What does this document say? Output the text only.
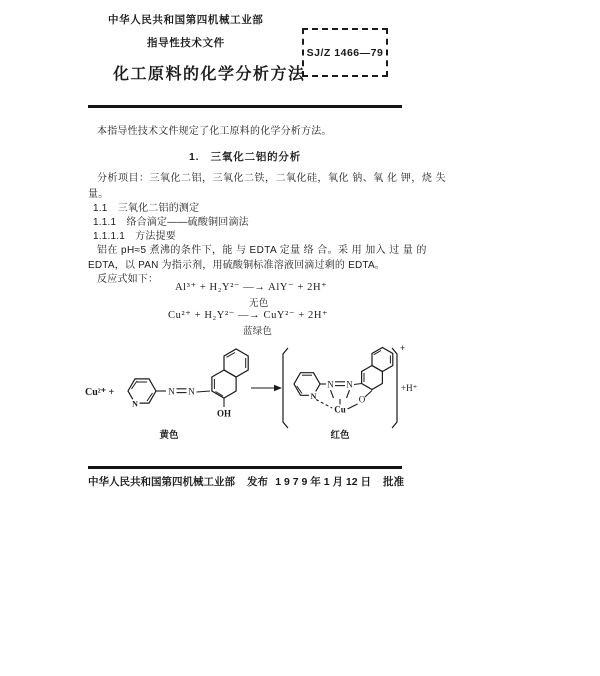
中华人民共和国第四机械工业部
指导性技术文件
SJ/Z 1466—79
化工原料的化学分析方法
本指导性技术文件规定了化工原料的化学分析方法。
1.　三氧化二铝的分析
分析项目：三氧化二铝，三氧化二铁，二氧化硅，氧化 钠、氧 化 钾，烧 失
量。
1.1　三氧化二铝的测定
1.1.1　络合滴定——硫酸铜回滴法
1.1.1.1　方法提要
铝在 pH≈5 煮沸的条件下，能 与 EDTA 定量 络 合。采 用 加入 过 量 的
EDTA，以 PAN 为指示剂，用硫酸铜标准溶液回滴过剩的 EDTA。
反应式如下：
Al³⁺ + H₂Y²⁻ —→ AlY⁻ + 2H⁺
无色
Cu²⁺ + H₂Y²⁻ —→ CuY²⁻ + 2H⁺
蓝绿色
Cu²⁺ +
N
N N
OH
黄色
N
N N
Cu
O
+
+H⁺
红色
中华人民共和国第四机械工业部 发布 1 9 7 9 年 1 月 12 日 批准
